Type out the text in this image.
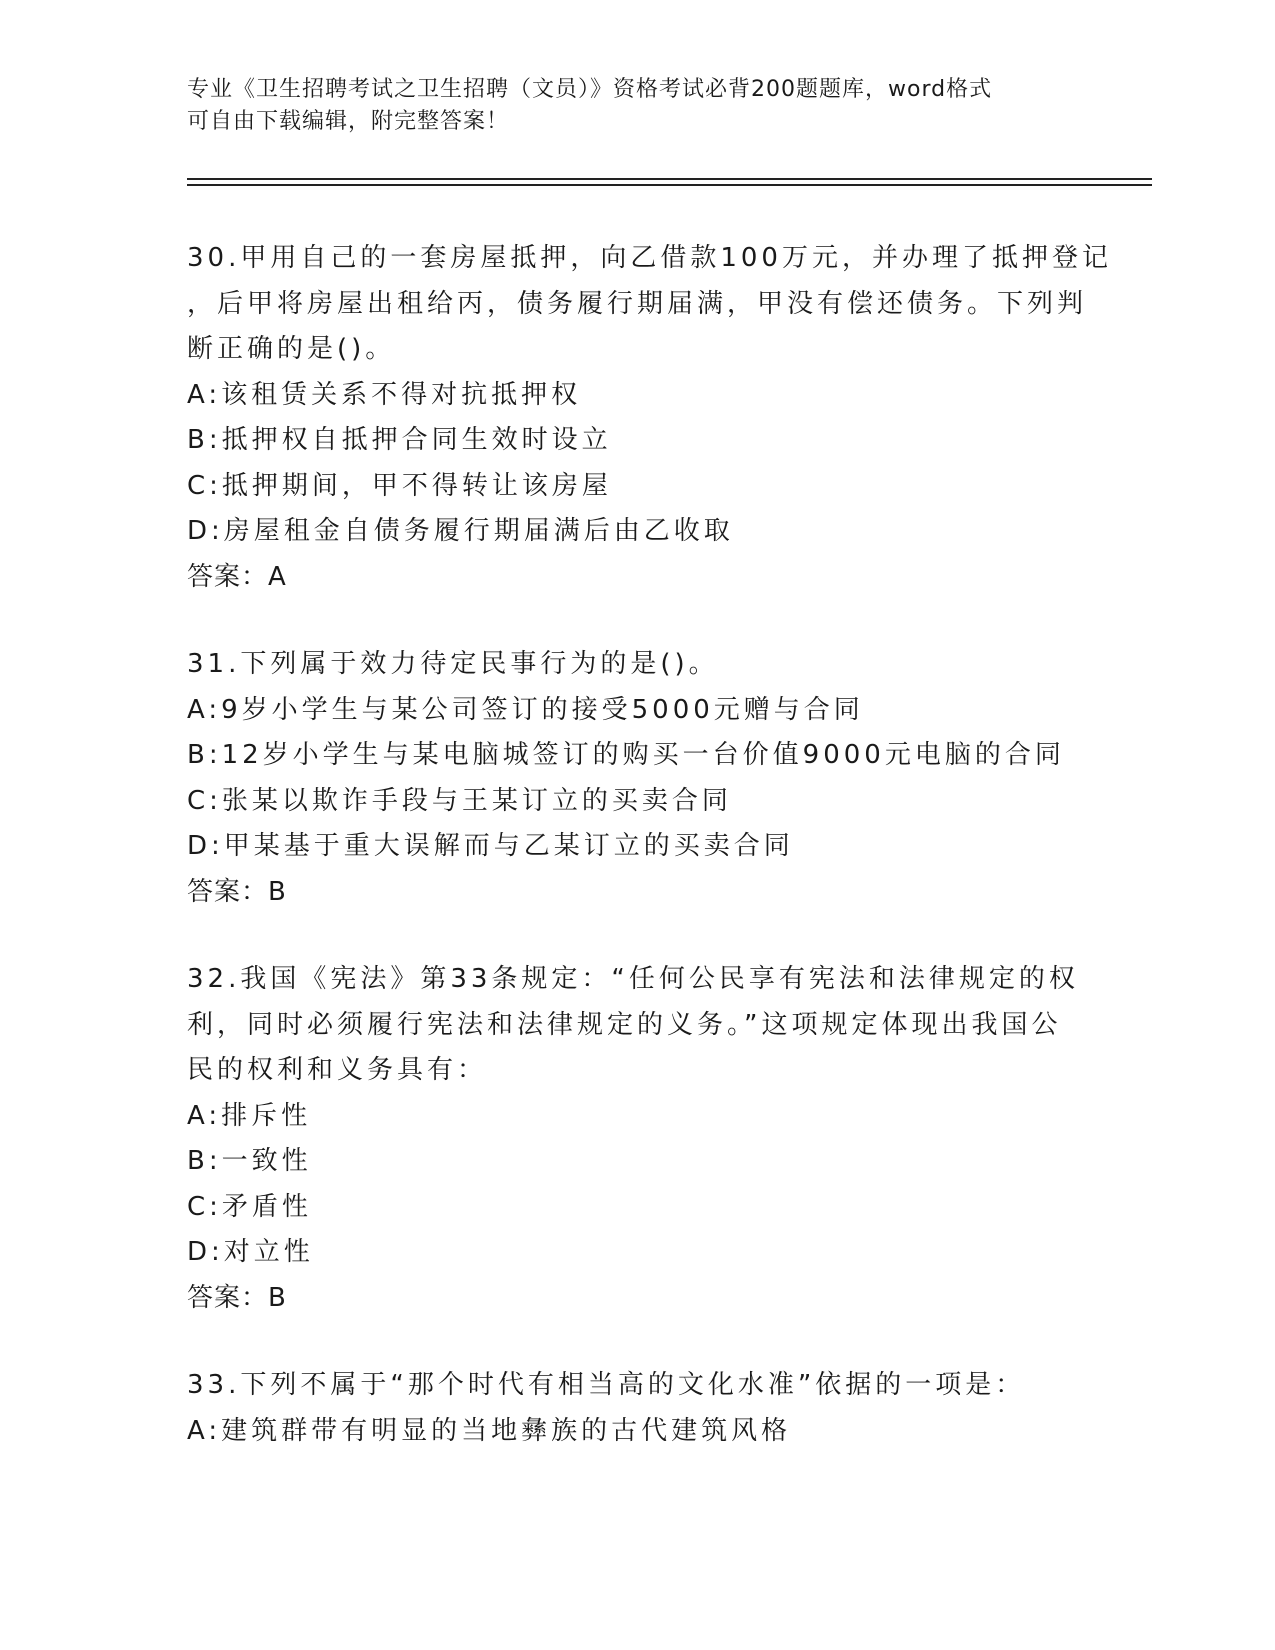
专业《卫生招聘考试之卫生招聘（文员）》资格考试必背200题题库，word格式
可自由下载编辑，附完整答案！
30.甲用自己的一套房屋抵押，向乙借款100万元，并办理了抵押登记
，后甲将房屋出租给丙，债务履行期届满，甲没有偿还债务。下列判
断正确的是()。
A:该租赁关系不得对抗抵押权
B:抵押权自抵押合同生效时设立
C:抵押期间，甲不得转让该房屋
D:房屋租金自债务履行期届满后由乙收取
答案：A
31.下列属于效力待定民事行为的是()。
A:9岁小学生与某公司签订的接受5000元赠与合同
B:12岁小学生与某电脑城签订的购买一台价值9000元电脑的合同
C:张某以欺诈手段与王某订立的买卖合同
D:甲某基于重大误解而与乙某订立的买卖合同
答案：B
32.我国《宪法》第33条规定：“任何公民享有宪法和法律规定的权
利，同时必须履行宪法和法律规定的义务。”这项规定体现出我国公
民的权利和义务具有：
A:排斥性
B:一致性
C:矛盾性
D:对立性
答案：B
33.下列不属于“那个时代有相当高的文化水准”依据的一项是：
A:建筑群带有明显的当地彝族的古代建筑风格
